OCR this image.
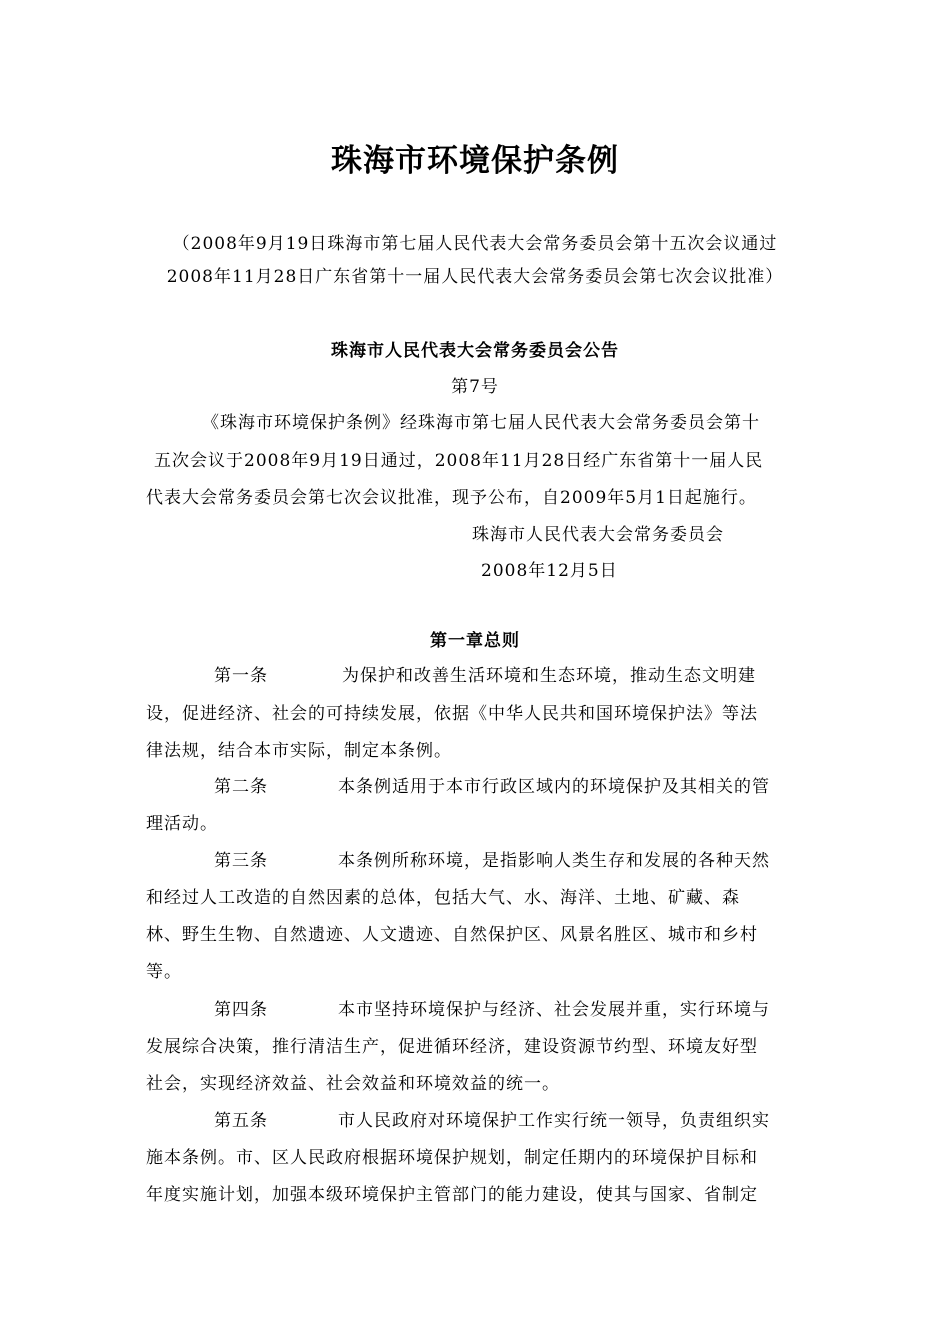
珠海市环境保护条例
（2008年9月19日珠海市第七届人民代表大会常务委员会第十五次会议通过
2008年11月28日广东省第十一届人民代表大会常务委员会第七次会议批准）
珠海市人民代表大会常务委员会公告
第7号
《珠海市环境保护条例》经珠海市第七届人民代表大会常务委员会第十
五次会议于2008年9月19日通过，2008年11月28日经广东省第十一届人民
代表大会常务委员会第七次会议批准，现予公布，自2009年5月1日起施行。
珠海市人民代表大会常务委员会
2008年12月5日
第一章总则
第一条	为保护和改善生活环境和生态环境，推动生态文明建
设，促进经济、社会的可持续发展，依据《中华人民共和国环境保护法》等法
律法规，结合本市实际，制定本条例。
第二条	本条例适用于本市行政区域内的环境保护及其相关的管
理活动。
第三条	本条例所称环境，是指影响人类生存和发展的各种天然
和经过人工改造的自然因素的总体，包括大气、水、海洋、土地、矿藏、森
林、野生生物、自然遗迹、人文遗迹、自然保护区、风景名胜区、城市和乡村
等。
第四条	本市坚持环境保护与经济、社会发展并重，实行环境与
发展综合决策，推行清洁生产，促进循环经济，建设资源节约型、环境友好型
社会，实现经济效益、社会效益和环境效益的统一。
第五条	市人民政府对环境保护工作实行统一领导，负责组织实
施本条例。市、区人民政府根据环境保护规划，制定任期内的环境保护目标和
年度实施计划，加强本级环境保护主管部门的能力建设，使其与国家、省制定
